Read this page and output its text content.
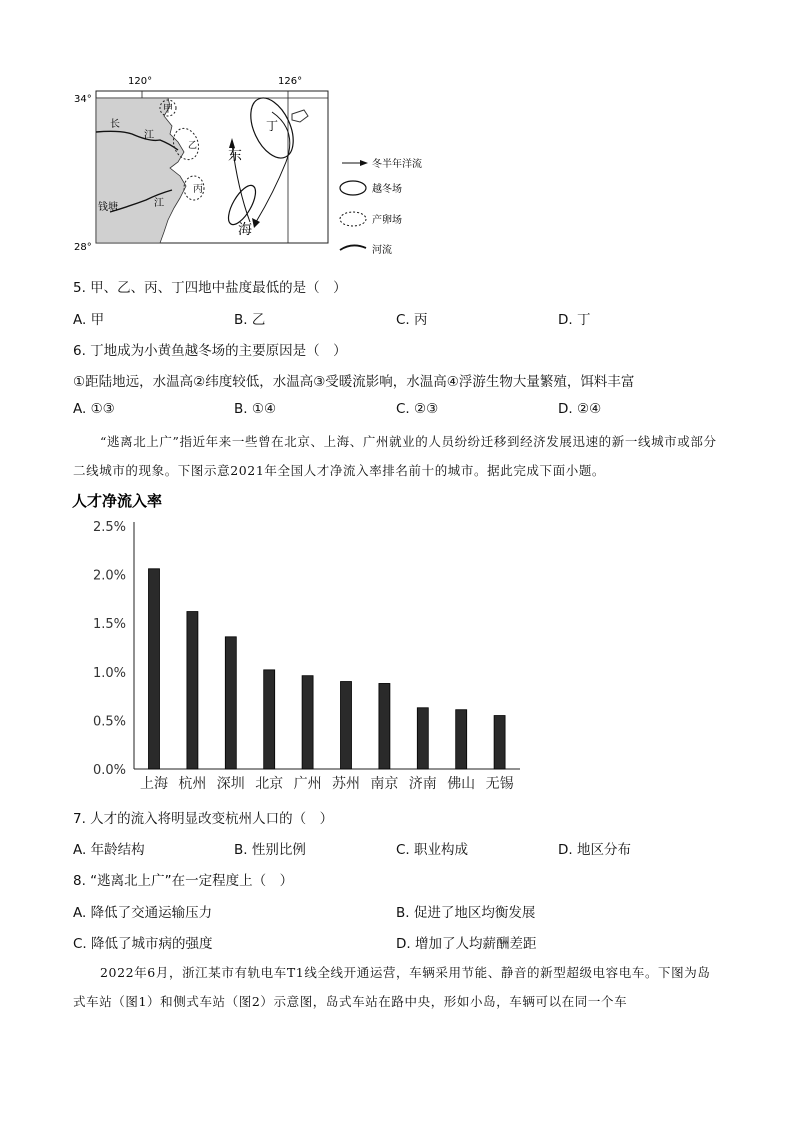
120°	126°
34°
28°
甲
乙
丙
丁
长
江
江
钱塘
东
海
冬半年洋流
越冬场
产卵场
河流
5. 甲、乙、丙、丁四地中盐度最低的是（　）
A. 甲	B. 乙	C. 丙	D. 丁
6. 丁地成为小黄鱼越冬场的主要原因是（　）
①距陆地远，水温高②纬度较低，水温高③受暖流影响，水温高④浮游生物大量繁殖，饵料丰富
A. ①③	B. ①④	C. ②③	D. ②④
“逃离北上广”指近年来一些曾在北京、上海、广州就业的人员纷纷迁移到经济发展迅速的新一线城市或部分二线城市的现象。下图示意2021年全国人才净流入率排名前十的城市。据此完成下面小题。
人才净流入率
0.0%
0.5%
1.0%
1.5%
2.0%
2.5%
上海 杭州 深圳 北京 广州 苏州 南京 济南 佛山 无锡
7. 人才的流入将明显改变杭州人口的（　）
A. 年龄结构	B. 性别比例	C. 职业构成	D. 地区分布
8. “逃离北上广”在一定程度上（　）
A. 降低了交通运输压力	B. 促进了地区均衡发展
C. 降低了城市病的强度	D. 增加了人均薪酬差距
2022年6月，浙江某市有轨电车T1线全线开通运营，车辆采用节能、静音的新型超级电容电车。下图为岛式车站（图1）和侧式车站（图2）示意图，岛式车站在路中央，形如小岛，车辆可以在同一个车
